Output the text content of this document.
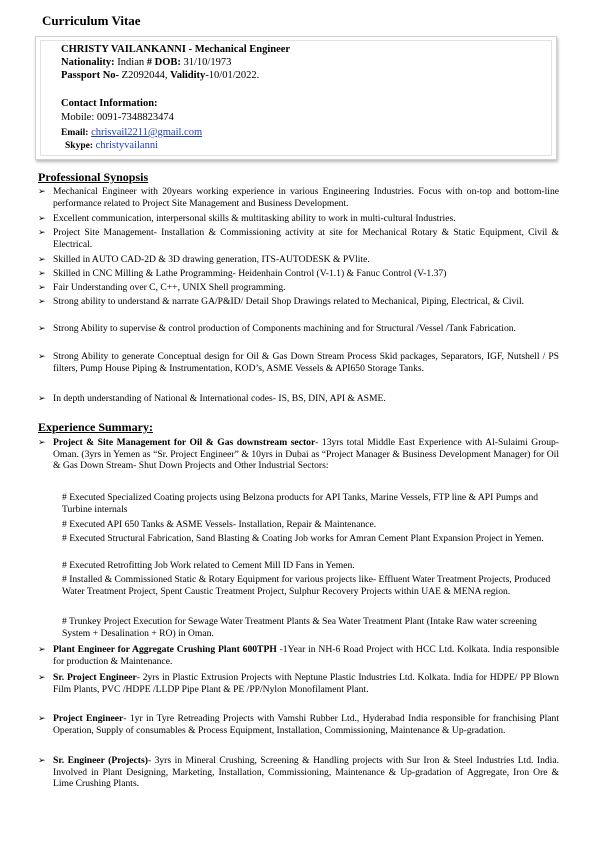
Curriculum Vitae
CHRISTY VAILANKANNI - Mechanical Engineer
Nationality: Indian # DOB: 31/10/1973
Passport No- Z2092044, Validity-10/01/2022.
Contact Information:
Mobile: 0091-7348823474
Email: chrisvail2211@gmail.com
Skype: christyvailanni
Professional Synopsis
➢ Mechanical Engineer with 20years working experience in various Engineering Industries. Focus with on-top and bottom-line performance related to Project Site Management and Business Development.
➢ Excellent communication, interpersonal skills & multitasking ability to work in multi-cultural Industries.
➢ Project Site Management- Installation & Commissioning activity at site for Mechanical Rotary & Static Equipment, Civil & Electrical.
➢ Skilled in AUTO CAD-2D & 3D drawing generation, ITS-AUTODESK & PVlite.
➢ Skilled in CNC Milling & Lathe Programming- Heidenhain Control (V-1.1) & Fanuc Control (V-1.37)
➢ Fair Understanding over C, C++, UNIX Shell programming.
➢ Strong ability to understand & narrate GA/P&ID/ Detail Shop Drawings related to Mechanical, Piping, Electrical, & Civil.
➢ Strong Ability to supervise & control production of Components machining and for Structural /Vessel /Tank Fabrication.
➢ Strong Ability to generate Conceptual design for Oil & Gas Down Stream Process Skid packages, Separators, IGF, Nutshell / PS filters, Pump House Piping & Instrumentation, KOD’s, ASME Vessels & API650 Storage Tanks.
➢ In depth understanding of National & International codes- IS, BS, DIN, API & ASME.
Experience Summary:
➢ Project & Site Management for Oil & Gas downstream sector- 13yrs total Middle East Experience with Al-Sulaimi Group- Oman. (3yrs in Yemen as “Sr. Project Engineer” & 10yrs in Dubai as “Project Manager & Business Development Manager) for Oil & Gas Down Stream- Shut Down Projects and Other Industrial Sectors:
# Executed Specialized Coating projects using Belzona products for API Tanks, Marine Vessels, FTP line & API Pumps and Turbine internals
# Executed API 650 Tanks & ASME Vessels- Installation, Repair & Maintenance.
# Executed Structural Fabrication, Sand Blasting & Coating Job works for Amran Cement Plant Expansion Project in Yemen.
# Executed Retrofitting Job Work related to Cement Mill ID Fans in Yemen.
# Installed & Commissioned Static & Rotary Equipment for various projects like- Effluent Water Treatment Projects, Produced Water Treatment Project, Spent Caustic Treatment Project, Sulphur Recovery Projects within UAE & MENA region.
# Trunkey Project Execution for Sewage Water Treatment Plants & Sea Water Treatment Plant (Intake Raw water screening System + Desalination + RO) in Oman.
➢ Plant Engineer for Aggregate Crushing Plant 600TPH -1Year in NH-6 Road Project with HCC Ltd. Kolkata. India responsible for production & Maintenance.
➢ Sr. Project Engineer- 2yrs in Plastic Extrusion Projects with Neptune Plastic Industries Ltd. Kolkata. India for HDPE/ PP Blown Film Plants, PVC /HDPE /LLDP Pipe Plant & PE /PP/Nylon Monofilament Plant.
➢ Project Engineer- 1yr in Tyre Retreading Projects with Vamshi Rubber Ltd., Hyderabad India responsible for franchising Plant Operation, Supply of consumables & Process Equipment, Installation, Commissioning, Maintenance & Up-gradation.
➢ Sr. Engineer (Projects)- 3yrs in Mineral Crushing, Screening & Handling projects with Sur Iron & Steel Industries Ltd. India. Involved in Plant Designing, Marketing, Installation, Commissioning, Maintenance & Up-gradation of Aggregate, Iron Ore & Lime Crushing Plants.
